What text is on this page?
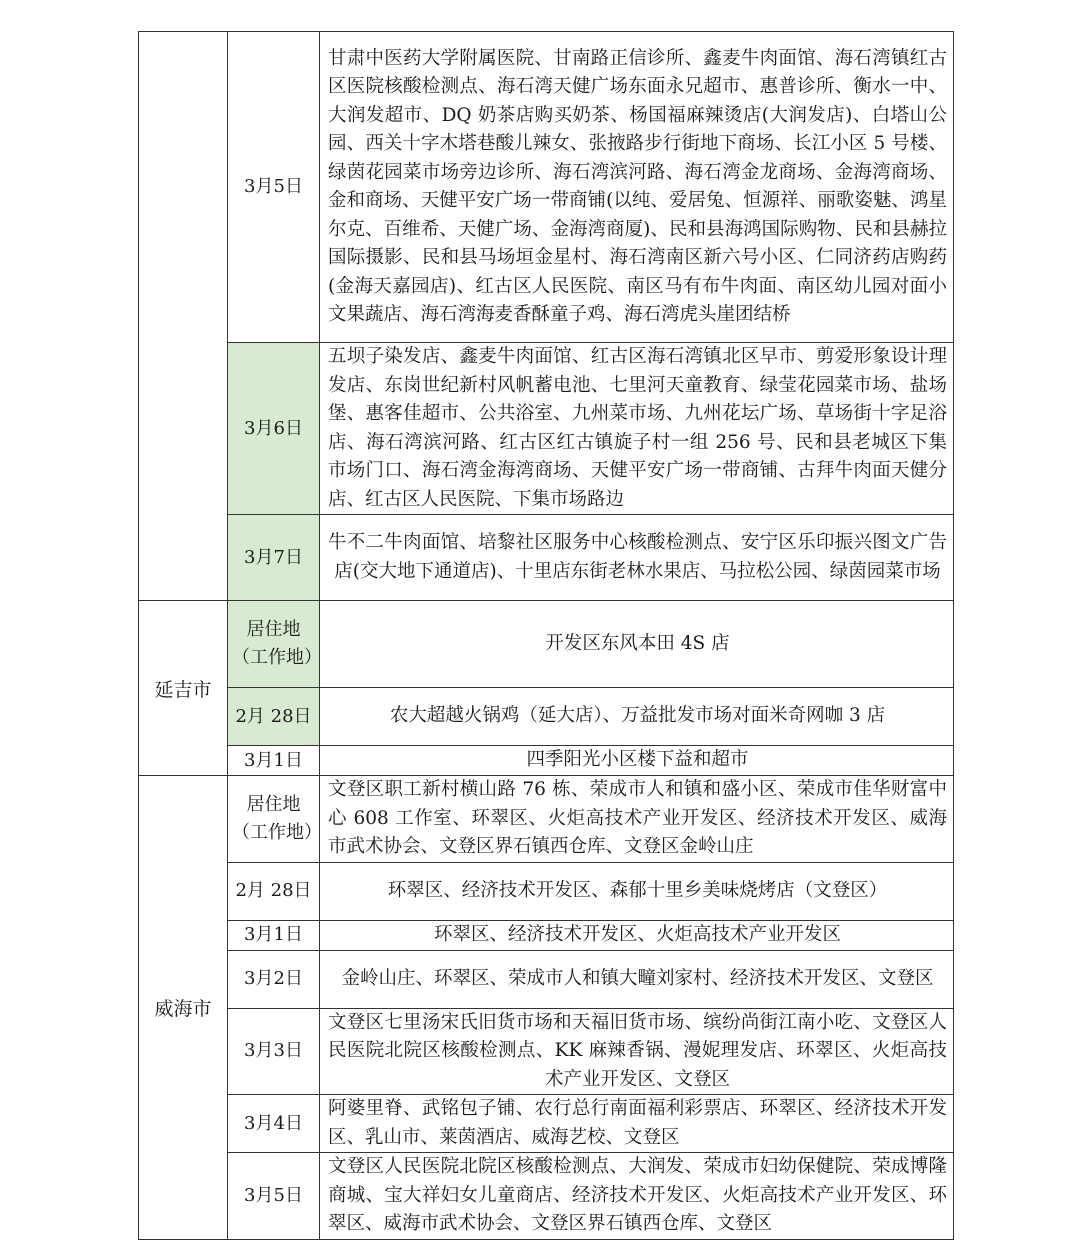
	3月5日	甘肃中医药大学附属医院、甘南路正信诊所、鑫麦牛肉面馆、海石湾镇红古区医院核酸检测点、海石湾天健广场东面永兄超市、惠普诊所、衡水一中、大润发超市、DQ 奶茶店购买奶茶、杨国福麻辣烫店(大润发店)、白塔山公园、西关十字木塔巷酸儿辣女、张掖路步行街地下商场、长江小区 5 号楼、绿茵花园菜市场旁边诊所、海石湾滨河路、海石湾金龙商场、金海湾商场、金和商场、天健平安广场一带商铺(以纯、爱居兔、恒源祥、丽歌姿魅、鸿星尔克、百维希、天健广场、金海湾商厦)、民和县海鸿国际购物、民和县赫拉国际摄影、民和县马场垣金星村、海石湾南区新六号小区、仁同济药店购药(金海天嘉园店)、红古区人民医院、南区马有布牛肉面、南区幼儿园对面小文果蔬店、海石湾海麦香酥童子鸡、海石湾虎头崖团结桥
	3月6日	五坝子染发店、鑫麦牛肉面馆、红古区海石湾镇北区早市、剪爱形象设计理发店、东岗世纪新村风帆蓄电池、七里河天童教育、绿莹花园菜市场、盐场堡、惠客佳超市、公共浴室、九州菜市场、九州花坛广场、草场街十字足浴店、海石湾滨河路、红古区红古镇旋子村一组 256 号、民和县老城区下集市场门口、海石湾金海湾商场、天健平安广场一带商铺、古拜牛肉面天健分店、红古区人民医院、下集市场路边
	3月7日	牛不二牛肉面馆、培黎社区服务中心核酸检测点、安宁区乐印振兴图文广告店(交大地下通道店)、十里店东街老林水果店、马拉松公园、绿茵园菜市场
延吉市	居住地（工作地）	开发区东风本田 4S 店
	2月 28日	农大超越火锅鸡（延大店）、万益批发市场对面米奇网咖 3 店
	3月1日	四季阳光小区楼下益和超市
威海市	居住地（工作地）	文登区职工新村横山路 76 栋、荣成市人和镇和盛小区、荣成市佳华财富中心 608 工作室、环翠区、火炬高技术产业开发区、经济技术开发区、威海市武术协会、文登区界石镇西仓库、文登区金岭山庄
	2月 28日	环翠区、经济技术开发区、森郁十里乡美味烧烤店（文登区）
	3月1日	环翠区、经济技术开发区、火炬高技术产业开发区
	3月2日	金岭山庄、环翠区、荣成市人和镇大疃刘家村、经济技术开发区、文登区
	3月3日	文登区七里汤宋氏旧货市场和天福旧货市场、缤纷尚街江南小吃、文登区人民医院北院区核酸检测点、KK 麻辣香锅、漫妮理发店、环翠区、火炬高技术产业开发区、文登区
	3月4日	阿婆里脊、武铭包子铺、农行总行南面福利彩票店、环翠区、经济技术开发区、乳山市、莱茵酒店、威海艺校、文登区
	3月5日	文登区人民医院北院区核酸检测点、大润发、荣成市妇幼保健院、荣成博隆商城、宝大祥妇女儿童商店、经济技术开发区、火炬高技术产业开发区、环翠区、威海市武术协会、文登区界石镇西仓库、文登区
